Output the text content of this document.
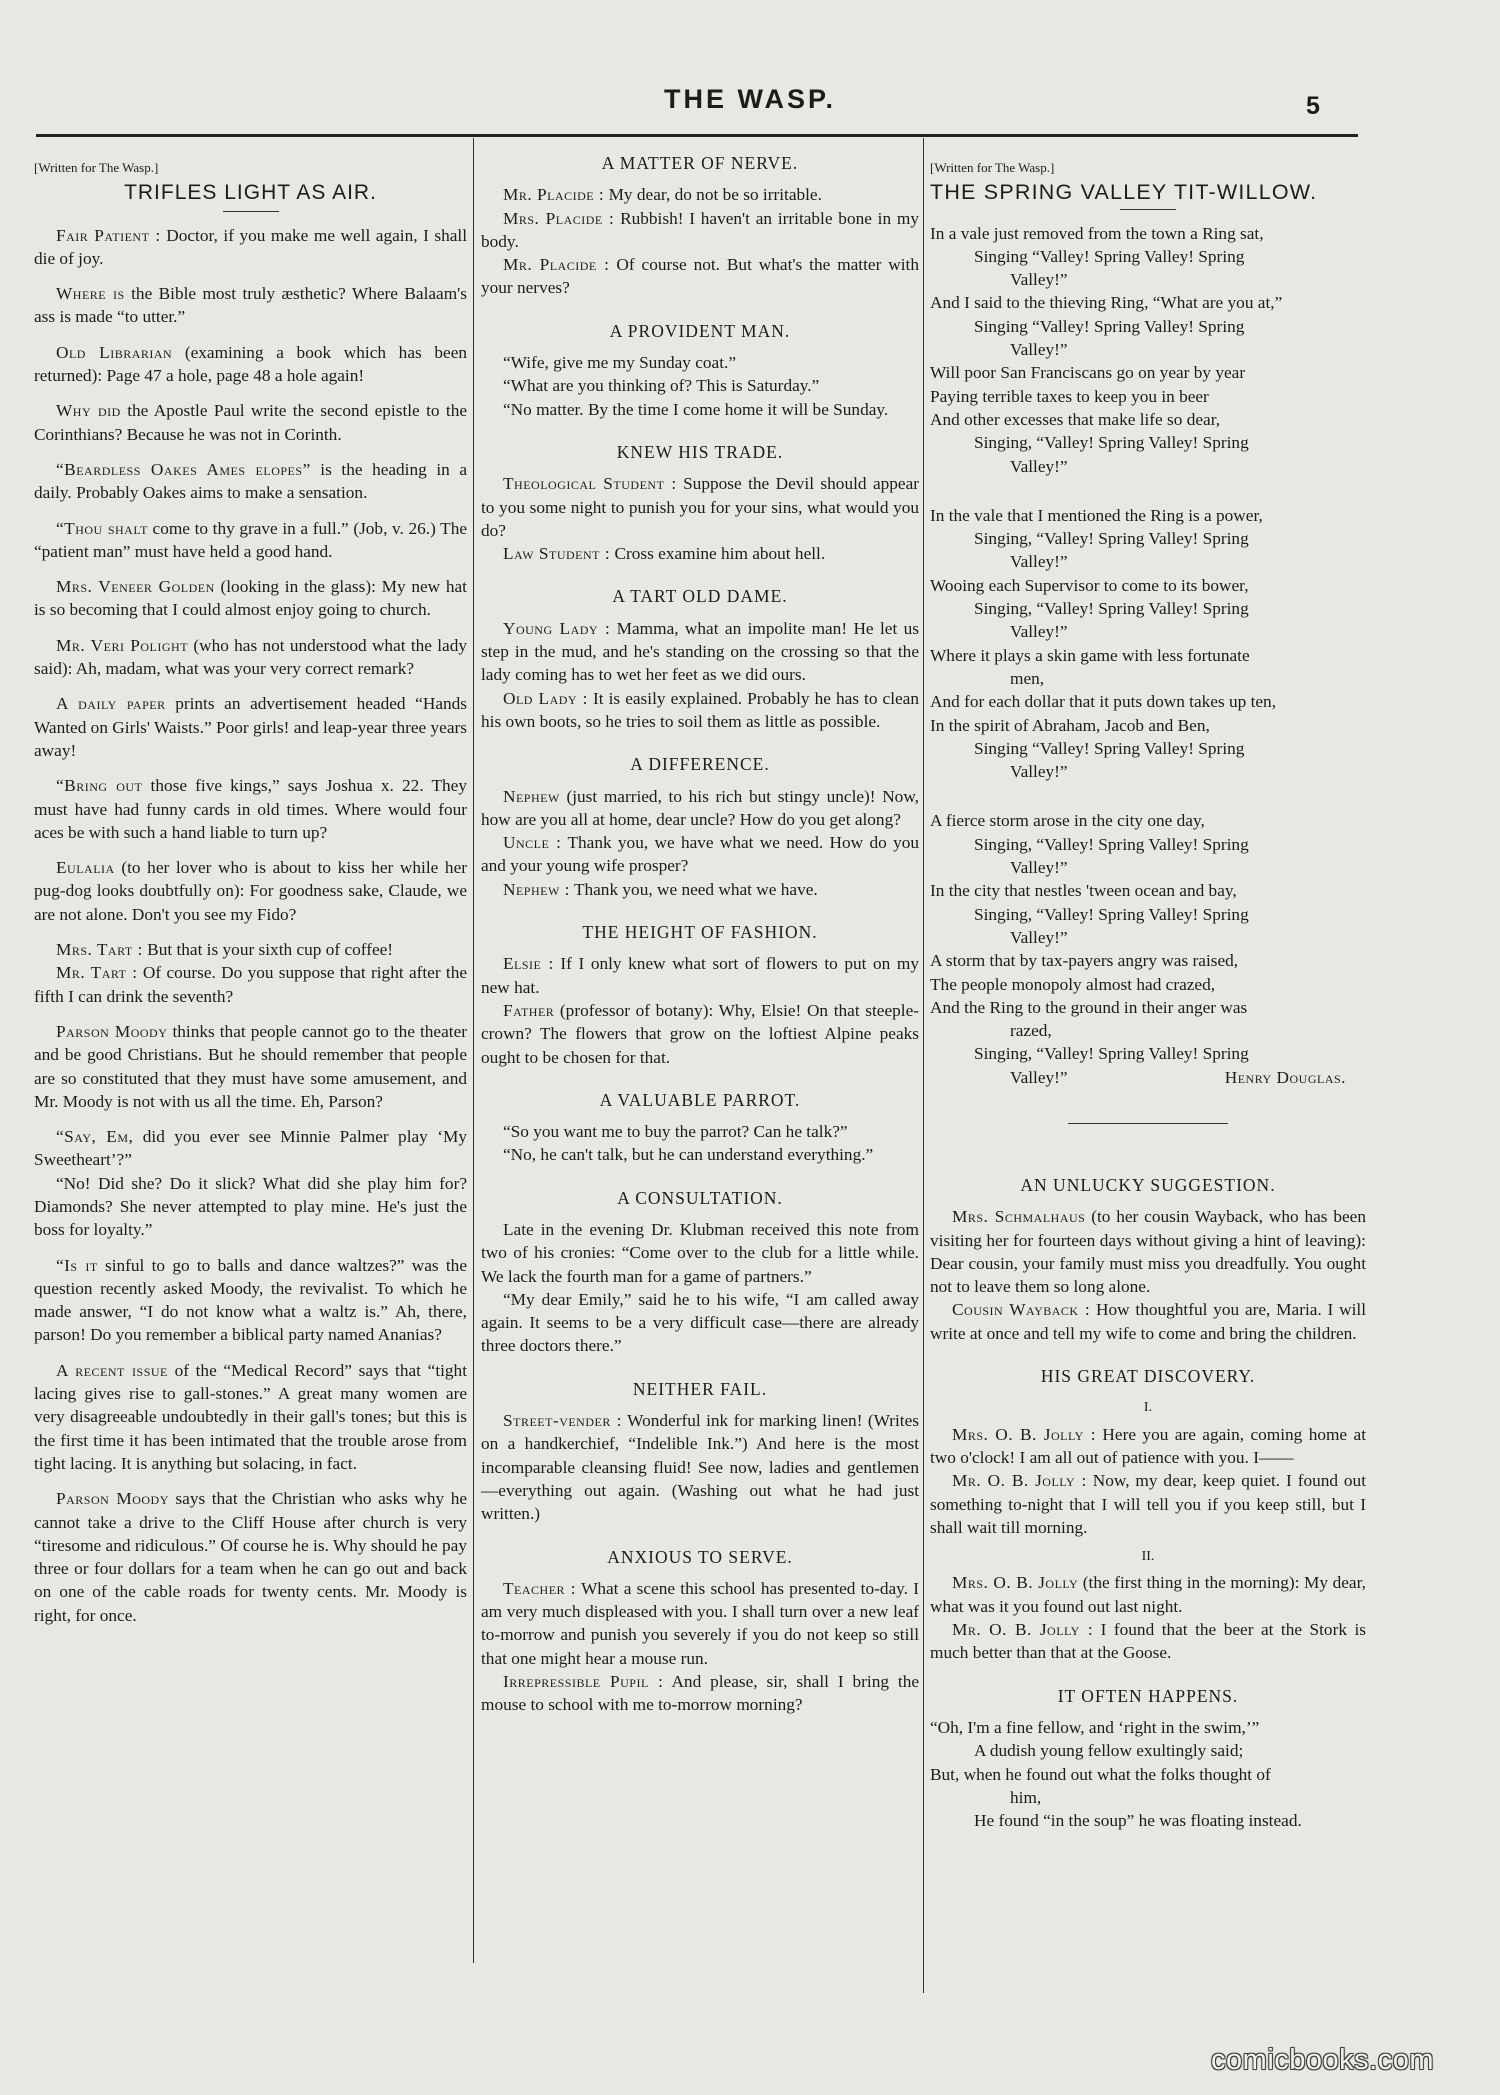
THE WASP.	5
[Written for The Wasp.]
TRIFLES LIGHT AS AIR.
Fair Patient : Doctor, if you make me well again, I shall die of joy.
Where is the Bible most truly æsthetic? Where Balaam's ass is made “to utter.”
Old Librarian (examining a book which has been returned): Page 47 a hole, page 48 a hole again!
Why did the Apostle Paul write the second epistle to the Corinthians? Because he was not in Corinth.
“Beardless Oakes Ames elopes” is the heading in a daily. Probably Oakes aims to make a sensation.
“Thou shalt come to thy grave in a full.” (Job, v. 26.) The “patient man” must have held a good hand.
Mrs. Veneer Golden (looking in the glass): My new hat is so becoming that I could almost enjoy going to church.
Mr. Veri Polight (who has not understood what the lady said): Ah, madam, what was your very correct remark?
A daily paper prints an advertisement headed “Hands Wanted on Girls' Waists.” Poor girls! and leap-year three years away!
“Bring out those five kings,” says Joshua x. 22. They must have had funny cards in old times. Where would four aces be with such a hand liable to turn up?
Eulalia (to her lover who is about to kiss her while her pug-dog looks doubtfully on): For goodness sake, Claude, we are not alone. Don't you see my Fido?
Mrs. Tart : But that is your sixth cup of coffee!
Mr. Tart : Of course. Do you suppose that right after the fifth I can drink the seventh?
Parson Moody thinks that people cannot go to the theater and be good Christians. But he should remember that people are so constituted that they must have some amusement, and Mr. Moody is not with us all the time. Eh, Parson?
“Say, Em, did you ever see Minnie Palmer play ‘My Sweetheart’?”
“No! Did she? Do it slick? What did she play him for? Diamonds? She never attempted to play mine. He's just the boss for loyalty.”
“Is it sinful to go to balls and dance waltzes?” was the question recently asked Moody, the revivalist. To which he made answer, “I do not know what a waltz is.” Ah, there, parson! Do you remember a biblical party named Ananias?
A recent issue of the “Medical Record” says that “tight lacing gives rise to gall-stones.” A great many women are very disagreeable undoubtedly in their gall's tones; but this is the first time it has been intimated that the trouble arose from tight lacing. It is anything but solacing, in fact.
Parson Moody says that the Christian who asks why he cannot take a drive to the Cliff House after church is very “tiresome and ridiculous.” Of course he is. Why should he pay three or four dollars for a team when he can go out and back on one of the cable roads for twenty cents. Mr. Moody is right, for once.
A MATTER OF NERVE.
Mr. Placide : My dear, do not be so irritable.
Mrs. Placide : Rubbish! I haven't an irritable bone in my body.
Mr. Placide : Of course not. But what's the matter with your nerves?
A PROVIDENT MAN.
“Wife, give me my Sunday coat.”
“What are you thinking of? This is Saturday.”
“No matter. By the time I come home it will be Sunday.
KNEW HIS TRADE.
Theological Student : Suppose the Devil should appear to you some night to punish you for your sins, what would you do?
Law Student : Cross examine him about hell.
A TART OLD DAME.
Young Lady : Mamma, what an impolite man! He let us step in the mud, and he's standing on the crossing so that the lady coming has to wet her feet as we did ours.
Old Lady : It is easily explained. Probably he has to clean his own boots, so he tries to soil them as little as possible.
A DIFFERENCE.
Nephew (just married, to his rich but stingy uncle)! Now, how are you all at home, dear uncle? How do you get along?
Uncle : Thank you, we have what we need. How do you and your young wife prosper?
Nephew : Thank you, we need what we have.
THE HEIGHT OF FASHION.
Elsie : If I only knew what sort of flowers to put on my new hat.
Father (professor of botany): Why, Elsie! On that steeple-crown? The flowers that grow on the loftiest Alpine peaks ought to be chosen for that.
A VALUABLE PARROT.
“So you want me to buy the parrot? Can he talk?”
“No, he can't talk, but he can understand everything.”
A CONSULTATION.
Late in the evening Dr. Klubman received this note from two of his cronies: “Come over to the club for a little while. We lack the fourth man for a game of partners.”
“My dear Emily,” said he to his wife, “I am called away again. It seems to be a very difficult case—there are already three doctors there.”
NEITHER FAIL.
Street-vender : Wonderful ink for marking linen! (Writes on a handkerchief, “Indelible Ink.”) And here is the most incomparable cleansing fluid! See now, ladies and gentlemen—everything out again. (Washing out what he had just written.)
ANXIOUS TO SERVE.
Teacher : What a scene this school has presented to-day. I am very much displeased with you. I shall turn over a new leaf to-morrow and punish you severely if you do not keep so still that one might hear a mouse run.
Irrepressible Pupil : And please, sir, shall I bring the mouse to school with me to-morrow morning?
[Written for The Wasp.]
THE SPRING VALLEY TIT-WILLOW.
In a vale just removed from the town a Ring sat,
Singing “Valley! Spring Valley! Spring
Valley!”
And I said to the thieving Ring, “What are you at,”
Singing “Valley! Spring Valley! Spring
Valley!”
Will poor San Franciscans go on year by year
Paying terrible taxes to keep you in beer
And other excesses that make life so dear,
Singing, “Valley! Spring Valley! Spring
Valley!”
In the vale that I mentioned the Ring is a power,
Singing, “Valley! Spring Valley! Spring
Valley!”
Wooing each Supervisor to come to its bower,
Singing, “Valley! Spring Valley! Spring
Valley!”
Where it plays a skin game with less fortunate
men,
And for each dollar that it puts down takes up ten,
In the spirit of Abraham, Jacob and Ben,
Singing “Valley! Spring Valley! Spring
Valley!”
A fierce storm arose in the city one day,
Singing, “Valley! Spring Valley! Spring
Valley!”
In the city that nestles 'tween ocean and bay,
Singing, “Valley! Spring Valley! Spring
Valley!”
A storm that by tax-payers angry was raised,
The people monopoly almost had crazed,
And the Ring to the ground in their anger was
razed,
Singing, “Valley! Spring Valley! Spring
Valley!”	Henry Douglas.
AN UNLUCKY SUGGESTION.
Mrs. Schmalhaus (to her cousin Wayback, who has been visiting her for fourteen days without giving a hint of leaving): Dear cousin, your family must miss you dreadfully. You ought not to leave them so long alone.
Cousin Wayback : How thoughtful you are, Maria. I will write at once and tell my wife to come and bring the children.
HIS GREAT DISCOVERY.
I.
Mrs. O. B. Jolly : Here you are again, coming home at two o'clock! I am all out of patience with you. I——
Mr. O. B. Jolly : Now, my dear, keep quiet. I found out something to-night that I will tell you if you keep still, but I shall wait till morning.
II.
Mrs. O. B. Jolly (the first thing in the morning): My dear, what was it you found out last night.
Mr. O. B. Jolly : I found that the beer at the Stork is much better than that at the Goose.
IT OFTEN HAPPENS.
“Oh, I'm a fine fellow, and ‘right in the swim,’”
A dudish young fellow exultingly said;
But, when he found out what the folks thought of
him,
He found “in the soup” he was floating instead.
comicbooks.com
